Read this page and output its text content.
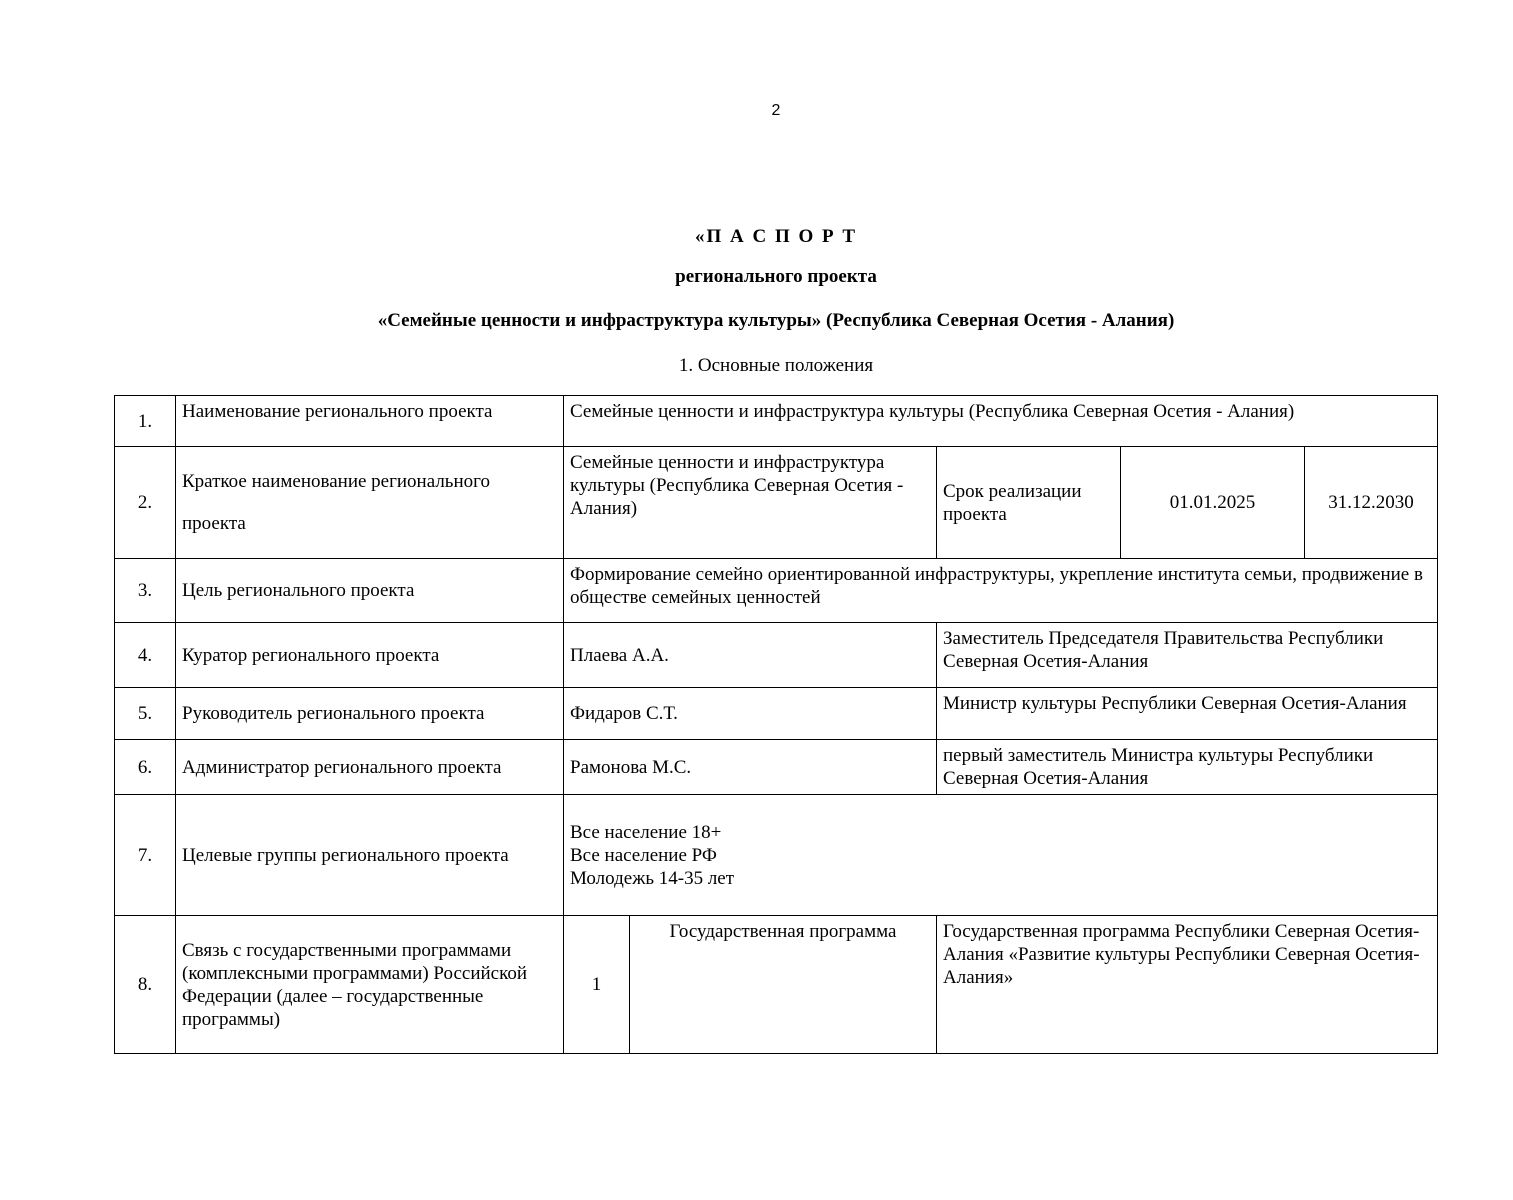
2
«П А С П О Р Т
регионального проекта
«Семейные ценности и инфраструктура культуры» (Республика Северная Осетия - Алания)
1. Основные положения
1.	Наименование регионального проекта	Семейные ценности и инфраструктура культуры (Республика Северная Осетия - Алания)				
2.	Краткое наименование регионального проекта	Семейные ценности и инфраструктура культуры (Республика Северная Осетия - Алания)		Срок реализации проекта	01.01.2025	31.12.2030
3.	Цель регионального проекта	Формирование семейно ориентированной инфраструктуры, укрепление института семьи, продвижение в обществе семейных ценностей				
4.	Куратор регионального проекта	Плаева А.А.		Заместитель Председателя Правительства Республики Северная Осетия-Алания		
5.	Руководитель регионального проекта	Фидаров С.Т.		Министр культуры Республики Северная Осетия-Алания		
6.	Администратор регионального проекта	Рамонова М.С.		первый заместитель Министра культуры Республики Северная Осетия-Алания		
7.	Целевые группы регионального проекта	Все население 18+
Все население РФ
Молодежь 14-35 лет				

8.	Связь с государственными программами (комплексными программами) Российской Федерации (далее – государственные программы)	1	Государственная программа	Государственная программа Республики Северная Осетия-Алания «Развитие культуры Республики Северная Осетия-Алания»		
